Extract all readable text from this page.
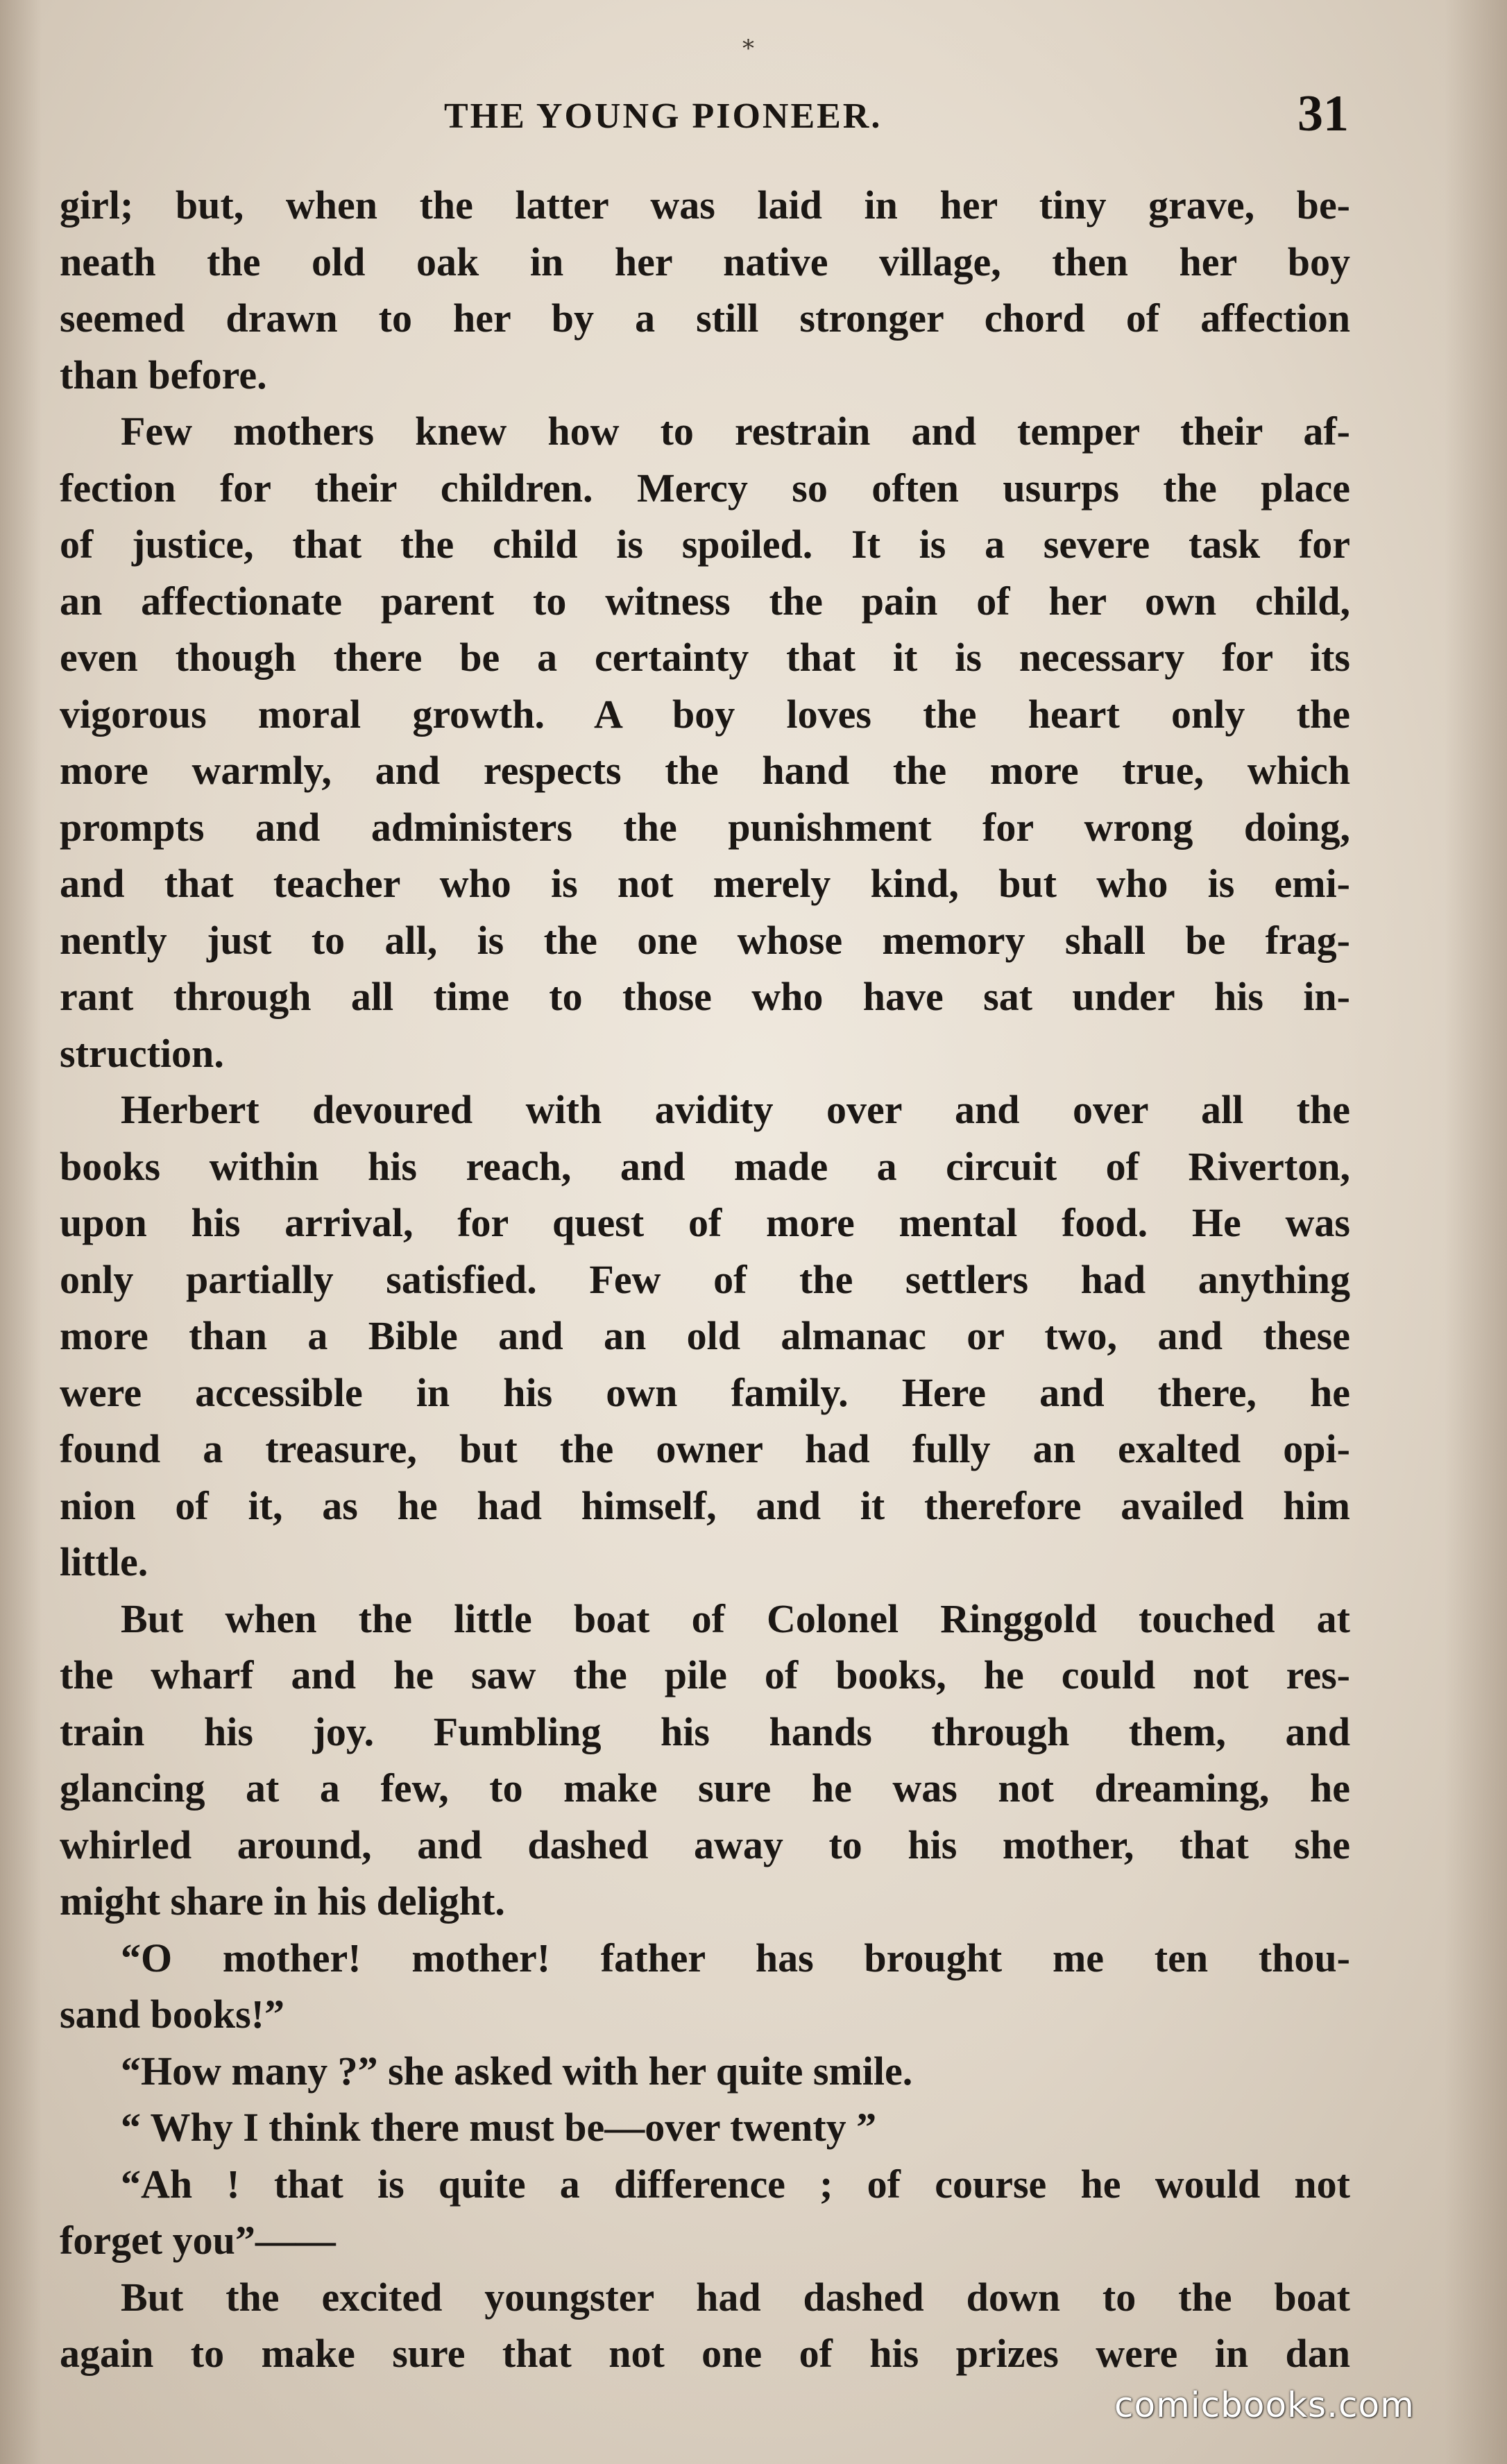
*
THE YOUNG PIONEER.	31
girl; but, when the latter was laid in her tiny grave, be-
neath the old oak in her native village, then her boy
seemed drawn to her by a still stronger chord of affection
than before.
Few mothers knew how to restrain and temper their af-
fection for their children. Mercy so often usurps the place
of justice, that the child is spoiled. It is a severe task for
an affectionate parent to witness the pain of her own child,
even though there be a certainty that it is necessary for its
vigorous moral growth. A boy loves the heart only the
more warmly, and respects the hand the more true, which
prompts and administers the punishment for wrong doing,
and that teacher who is not merely kind, but who is emi-
nently just to all, is the one whose memory shall be frag-
rant through all time to those who have sat under his in-
struction.
Herbert devoured with avidity over and over all the
books within his reach, and made a circuit of Riverton,
upon his arrival, for quest of more mental food. He was
only partially satisfied. Few of the settlers had anything
more than a Bible and an old almanac or two, and these
were accessible in his own family. Here and there, he
found a treasure, but the owner had fully an exalted opi-
nion of it, as he had himself, and it therefore availed him
little.
But when the little boat of Colonel Ringgold touched at
the wharf and he saw the pile of books, he could not res-
train his joy. Fumbling his hands through them, and
glancing at a few, to make sure he was not dreaming, he
whirled around, and dashed away to his mother, that she
might share in his delight.
“O mother! mother! father has brought me ten thou-
sand books!”
“How many ?” she asked with her quite smile.
“ Why I think there must be—over twenty ”
“Ah ! that is quite a difference ; of course he would not
forget you”——
But the excited youngster had dashed down to the boat
again to make sure that not one of his prizes were in dan
comicbooks.com
